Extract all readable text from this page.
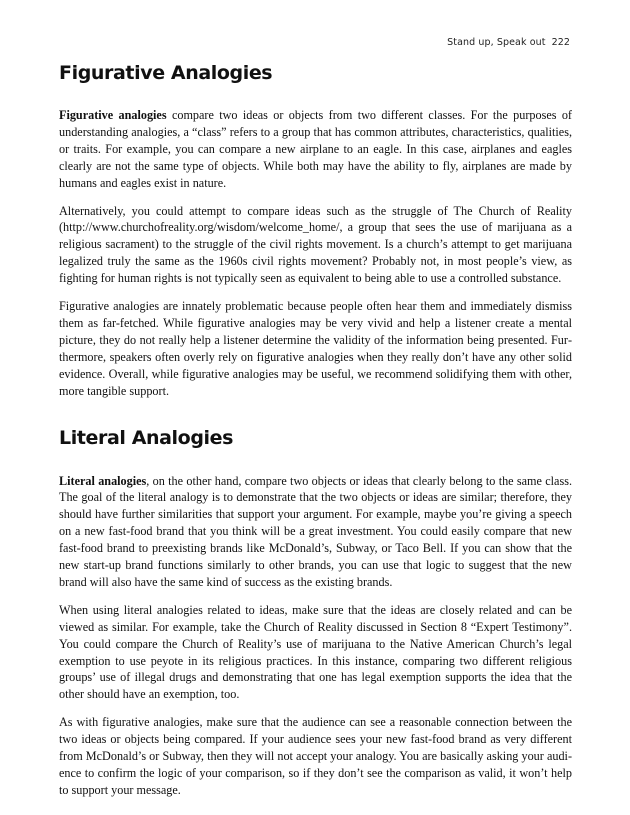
Stand up, Speak out 222
Figurative Analogies

Figurative analogies compare two ideas or objects from two different classes. For the purposes of understanding analogies, a “class” refers to a group that has common attributes, characteristics, qualities, or traits. For example, you can compare a new airplane to an eagle. In this case, airplanes and eagles clearly are not the same type of objects. While both may have the ability to fly, airplanes are made by humans and eagles exist in nature.

Alternatively, you could attempt to compare ideas such as the struggle of The Church of Reality (http://www.churchofreality.org/wisdom/welcome_home/, a group that sees the use of marijuana as a religious sacrament) to the struggle of the civil rights movement. Is a church’s attempt to get marijuana legalized truly the same as the 1960s civil rights movement? Probably not, in most people’s view, as fighting for human rights is not typically seen as equivalent to being able to use a controlled substance.

Figurative analogies are innately problematic because people often hear them and immediately dismiss them as far-fetched. While figurative analogies may be very vivid and help a listener create a mental picture, they do not really help a listener determine the validity of the information being presented. Furthermore, speakers often overly rely on figurative analogies when they really don’t have any other solid evidence. Overall, while figurative analogies may be useful, we recommend solidifying them with other, more tangible support.

Literal Analogies

Literal analogies, on the other hand, compare two objects or ideas that clearly belong to the same class. The goal of the literal analogy is to demonstrate that the two objects or ideas are similar; therefore, they should have further similarities that support your argument. For example, maybe you’re giving a speech on a new fast-food brand that you think will be a great investment. You could easily compare that new fast-food brand to preexisting brands like McDonald’s, Subway, or Taco Bell. If you can show that the new start-up brand functions similarly to other brands, you can use that logic to suggest that the new brand will also have the same kind of success as the existing brands.

When using literal analogies related to ideas, make sure that the ideas are closely related and can be viewed as similar. For example, take the Church of Reality discussed in Section 8 “Expert Testimony”. You could compare the Church of Reality’s use of marijuana to the Native American Church’s legal exemption to use peyote in its religious practices. In this instance, comparing two different religious groups’ use of illegal drugs and demonstrating that one has legal exemption supports the idea that the other should have an exemption, too.

As with figurative analogies, make sure that the audience can see a reasonable connection between the two ideas or objects being compared. If your audience sees your new fast-food brand as very different from McDonald’s or Subway, then they will not accept your analogy. You are basically asking your audience to confirm the logic of your comparison, so if they don’t see the comparison as valid, it won’t help to support your message.
